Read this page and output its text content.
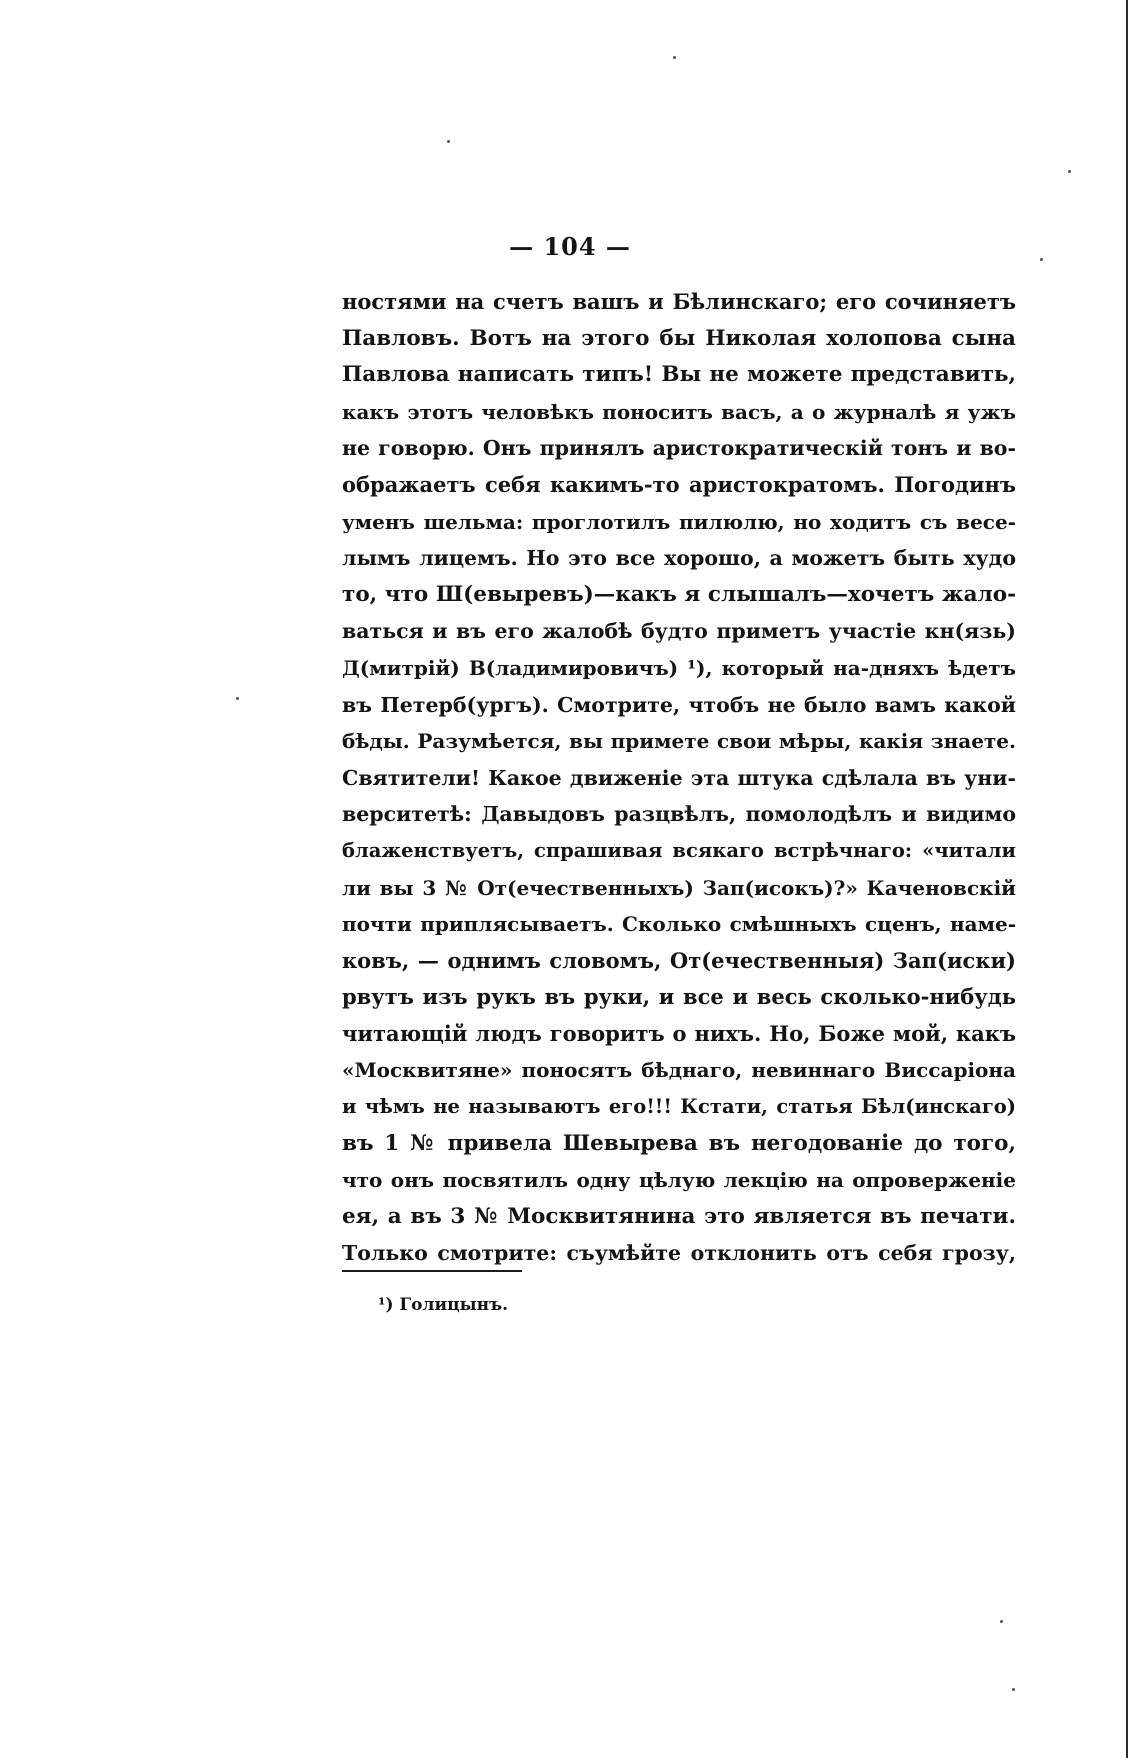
— 104 —
ностями на счетъ вашъ и Бѣлинскаго; его сочиняетъ
Павловъ. Вотъ на этого бы Николая холопова сына
Павлова написать типъ! Вы не можете представить,
какъ этотъ человѣкъ поноситъ васъ, а о журналѣ я ужъ
не говорю. Онъ принялъ аристократическій тонъ и во-
ображаетъ себя какимъ-то аристократомъ. Погодинъ
уменъ шельма: проглотилъ пилюлю, но ходитъ съ весе-
лымъ лицемъ. Но это все хорошо, а можетъ быть худо
то, что Ш(евыревъ)—какъ я слышалъ—хочетъ жало-
ваться и въ его жалобѣ будто приметъ участіе кн(язь)
Д(митрій) В(ладимировичъ) ¹), который на-дняхъ ѣдетъ
въ Петерб(ургъ). Смотрите, чтобъ не было вамъ какой
бѣды. Разумѣется, вы примете свои мѣры, какія знаете.
Святители! Какое движеніе эта штука сдѣлала въ уни-
верситетѣ: Давыдовъ разцвѣлъ, помолодѣлъ и видимо
блаженствуетъ, спрашивая всякаго встрѣчнаго: «читали
ли вы 3 № От(ечественныхъ) Зап(исокъ)?» Каченовскій
почти приплясываетъ. Сколько смѣшныхъ сценъ, наме-
ковъ, — однимъ словомъ, От(ечественныя) Зап(иски)
рвутъ изъ рукъ въ руки, и все и весь сколько-нибудь
читающій людъ говоритъ о нихъ. Но, Боже мой, какъ
«Москвитяне» поносятъ бѣднаго, невиннаго Виссаріона
и чѣмъ не называютъ его!!! Кстати, статья Бѣл(инскаго)
въ 1 № привела Шевырева въ негодованіе до того,
что онъ посвятилъ одну цѣлую лекцію на опроверженіе
ея, а въ 3 № Москвитянина это является въ печати.
Только смотрите: съумѣйте отклонить отъ себя грозу,
¹) Голицынъ.
